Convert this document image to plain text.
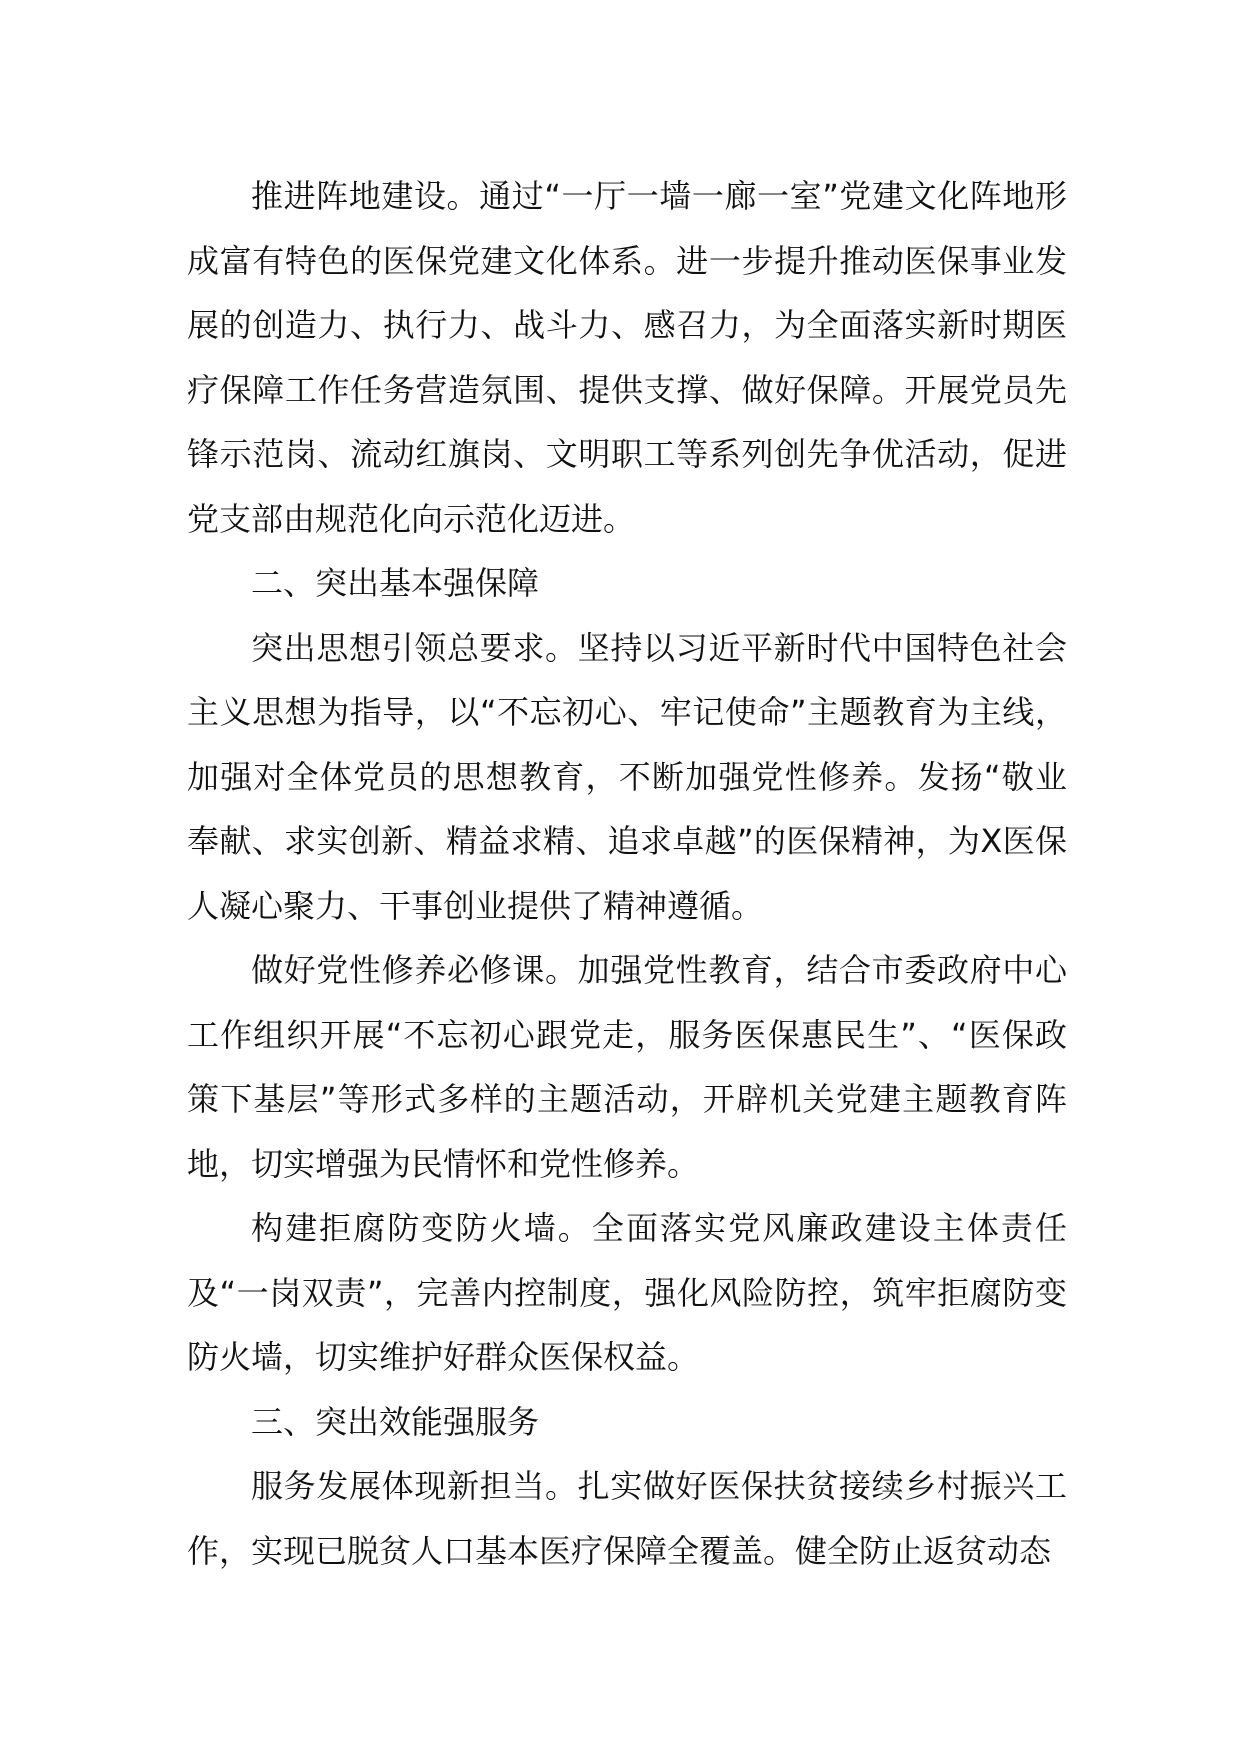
推进阵地建设。通过“一厅一墙一廊一室”党建文化阵地形成富有特色的医保党建文化体系。进一步提升推动医保事业发展的创造力、执行力、战斗力、感召力，为全面落实新时期医疗保障工作任务营造氛围、提供支撑、做好保障。开展党员先锋示范岗、流动红旗岗、文明职工等系列创先争优活动，促进党支部由规范化向示范化迈进。

二、突出基本强保障

突出思想引领总要求。坚持以习近平新时代中国特色社会主义思想为指导，以“不忘初心、牢记使命”主题教育为主线，加强对全体党员的思想教育，不断加强党性修养。发扬“敬业奉献、求实创新、精益求精、追求卓越”的医保精神，为X医保人凝心聚力、干事创业提供了精神遵循。

做好党性修养必修课。加强党性教育，结合市委政府中心工作组织开展“不忘初心跟党走，服务医保惠民生”、“医保政策下基层”等形式多样的主题活动，开辟机关党建主题教育阵地，切实增强为民情怀和党性修养。

构建拒腐防变防火墙。全面落实党风廉政建设主体责任及“一岗双责”，完善内控制度，强化风险防控，筑牢拒腐防变防火墙，切实维护好群众医保权益。

三、突出效能强服务

服务发展体现新担当。扎实做好医保扶贫接续乡村振兴工作，实现已脱贫人口基本医疗保障全覆盖。健全防止返贫动态
